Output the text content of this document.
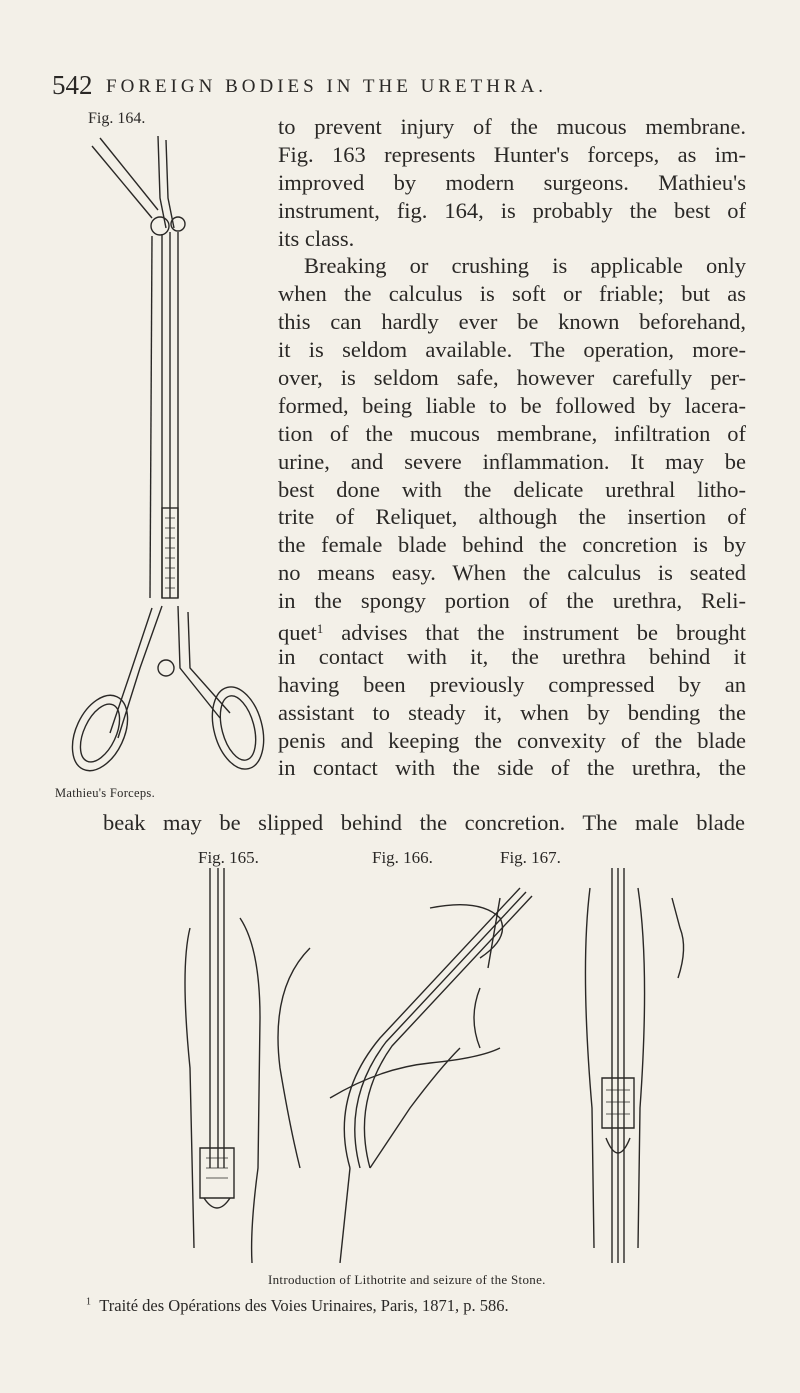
542 FOREIGN BODIES IN THE URETHRA.
Fig. 164.
Mathieu's Forceps.
to prevent injury of the mucous membrane.
Fig. 163 represents Hunter's forceps, as im-
improved by modern surgeons. Mathieu's
instrument, fig. 164, is probably the best of
its class.
Breaking or crushing is applicable only
when the calculus is soft or friable; but as
this can hardly ever be known beforehand,
it is seldom available. The operation, more-
over, is seldom safe, however carefully per-
formed, being liable to be followed by lacera-
tion of the mucous membrane, infiltration of
urine, and severe inflammation. It may be
best done with the delicate urethral litho-
trite of Reliquet, although the insertion of
the female blade behind the concretion is by
no means easy. When the calculus is seated
in the spongy portion of the urethra, Reli-
quet$^1$ advises that the instrument be brought
in contact with it, the urethra behind it
having been previously compressed by an
assistant to steady it, when by bending the
penis and keeping the convexity of the blade
in contact with the side of the urethra, the
beak may be slipped behind the concretion. The male blade
Fig. 165.	Fig. 166.	Fig. 167.
Introduction of Lithotrite and seizure of the Stone.
$^1$ Traité des Opérations des Voies Urinaires, Paris, 1871, p. 586.
